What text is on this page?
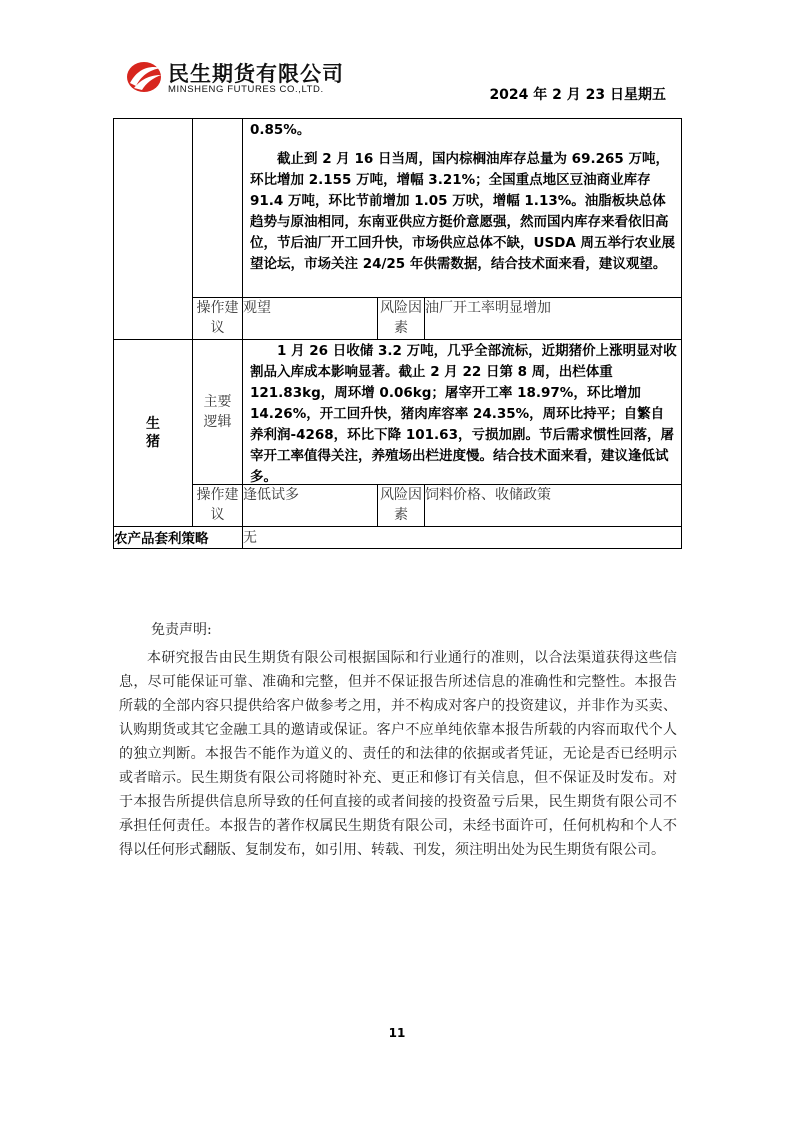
民生期货有限公司
MINSHENG FUTURES CO.,LTD.	2024 年 2 月 23 日星期五

		0.85%。

截止到 2 月 16 日当周，国内棕榈油库存总量为 69.265 万吨，环比增加 2.155 万吨，增幅 3.21%；全国重点地区豆油商业库存 91.4 万吨，环比节前增加 1.05 万吠，增幅 1.13%。油脂板块总体趋势与原油相同，东南亚供应方挺价意愿强，然而国内库存来看依旧高位，节后油厂开工回升快，市场供应总体不缺，USDA 周五举行农业展望论坛，市场关注 24/25 年供需数据，结合技术面来看，建议观望。		

	操作建议	观望	风险因素	油厂开工率明显增加
生猪	主要逻辑	1 月 26 日收储 3.2 万吨，几乎全部流标，近期猪价上涨明显对收割品入库成本影响显著。截止 2 月 22 日第 8 周，出栏体重 121.83kg，周环增 0.06kg；屠宰开工率 18.97%，环比增加 14.26%，开工回升快，猪肉库容率 24.35%，周环比持平；自繁自养利润-4268，环比下降 101.63，亏损加剧。节后需求惯性回落，屠宰开工率值得关注，养殖场出栏进度慢。结合技术面来看，建议逢低试多。		

	操作建议	逢低试多	风险因素	饲料价格、收储政策
农产品套利策略		无		

免责声明:

本研究报告由民生期货有限公司根据国际和行业通行的准则，以合法渠道获得这些信息，尽可能保证可靠、准确和完整，但并不保证报告所述信息的准确性和完整性。本报告所载的全部内容只提供给客户做参考之用，并不构成对客户的投资建议，并非作为买卖、认购期货或其它金融工具的邀请或保证。客户不应单纯依靠本报告所载的内容而取代个人的独立判断。本报告不能作为道义的、责任的和法律的依据或者凭证，无论是否已经明示或者暗示。民生期货有限公司将随时补充、更正和修订有关信息，但不保证及时发布。对于本报告所提供信息所导致的任何直接的或者间接的投资盈亏后果，民生期货有限公司不承担任何责任。本报告的著作权属民生期货有限公司，未经书面许可，任何机构和个人不得以任何形式翻版、复制发布，如引用、转载、刊发，须注明出处为民生期货有限公司。

11
